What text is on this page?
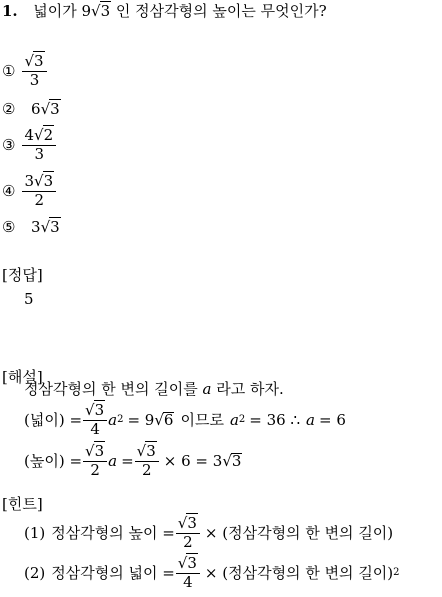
1. 넓이가 9√3 인 정삼각형의 높이는 무엇인가?
① $\frac{√3}{3}$
② 6√3
③ $\frac{4√2}{3}$
④ $\frac{3√3}{2}$
⑤ 3√3
[정답]
5
[해설]
정삼각형의 한 변의 길이를 a 라고 하자.
(넓이) = $\frac{√3}{4}$ a 2 = 9 √ 6 이므로 a 2 = 36 ∴ a = 6
(높이) = $\frac{√3}{2}$ $a = \frac{√3}{2} \times 6 = 3$ √ 3
[힌트]
(1) 정삼각형의 높이 = $\frac{√3}{2}$ × (정삼각형의 한 변의 길이)
(2) 정삼각형의 넓이 = $\frac{√3}{4}$ × (정삼각형의 한 변의 길이) 2
